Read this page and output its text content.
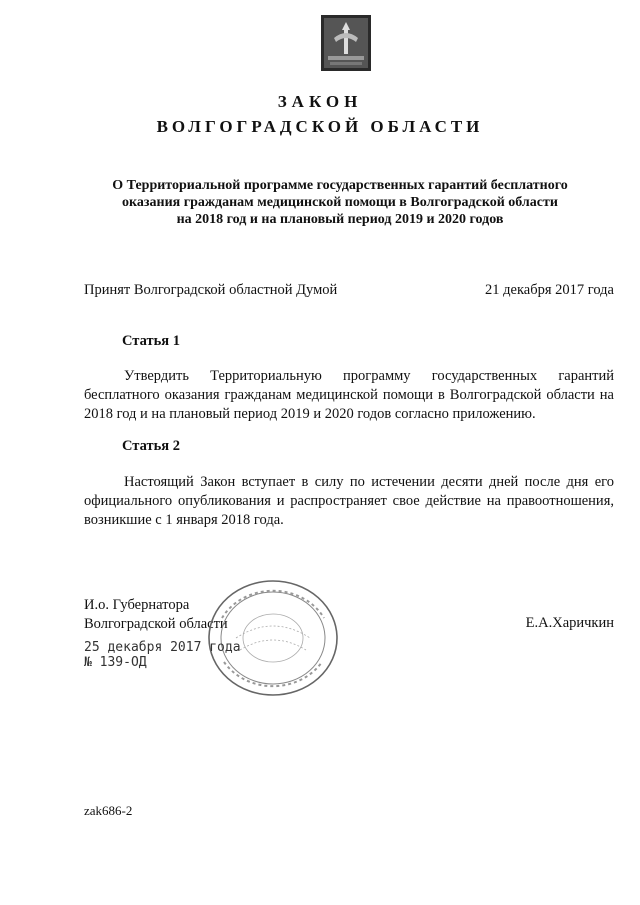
ЗАКОН
ВОЛГОГРАДСКОЙ ОБЛАСТИ
О Территориальной программе государственных гарантий бесплатного
оказания гражданам медицинской помощи в Волгоградской области
на 2018 год и на плановый период 2019 и 2020 годов
Принят Волгоградской областной Думой	21 декабря 2017 года
Статья 1
Утвердить Территориальную программу государственных гарантий бесплатного оказания гражданам медицинской помощи в Волгоградской области на 2018 год и на плановый период 2019 и 2020 годов согласно приложению.
Статья 2
Настоящий Закон вступает в силу по истечении десяти дней после дня его официального опубликования и распространяет свое действие на правоотношения, возникшие с 1 января 2018 года.
И.о. Губернатора
Волгоградской области	Е.А.Харичкин
25 декабря 2017 года
№ 139-ОД
zak686-2
